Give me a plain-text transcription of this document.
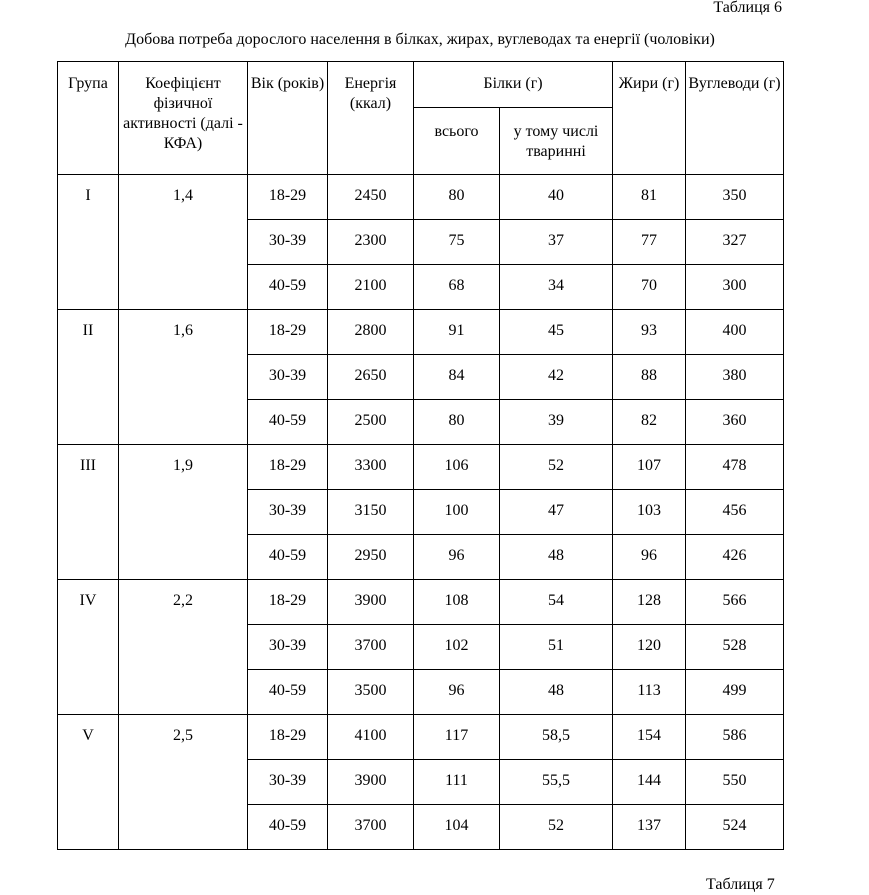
Таблиця 6
Добова потреба дорослого населення в білках, жирах, вуглеводах та енергії (чоловіки)
Група	Коефіцієнт фізичної активності (далі - КФА)	Вік (років)	Енергія (ккал)	Білки (г)		Жири (г)	Вуглеводи (г)
				всього	у тому числі тваринні		
I	1,4	18-29	2450	80	40	81	350
		30-39	2300	75	37	77	327
		40-59	2100	68	34	70	300
II	1,6	18-29	2800	91	45	93	400
		30-39	2650	84	42	88	380
		40-59	2500	80	39	82	360
III	1,9	18-29	3300	106	52	107	478
		30-39	3150	100	47	103	456
		40-59	2950	96	48	96	426
IV	2,2	18-29	3900	108	54	128	566
		30-39	3700	102	51	120	528
		40-59	3500	96	48	113	499
V	2,5	18-29	4100	117	58,5	154	586
		30-39	3900	111	55,5	144	550
		40-59	3700	104	52	137	524
Таблиця 7
